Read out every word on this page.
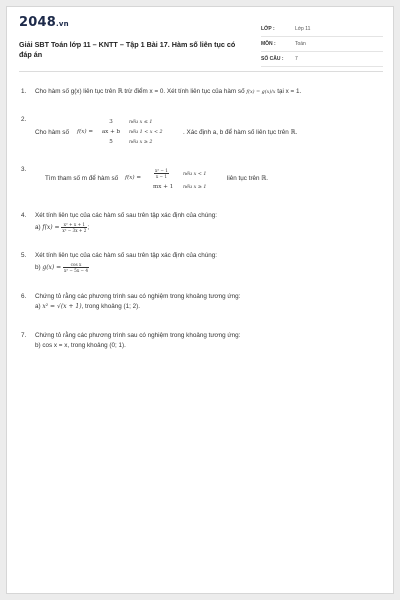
2048.vn
Giải SBT Toán lớp 11 – KNTT – Tập 1 Bài 17. Hàm số liên tục có đáp án
LỚP :	Lớp 11
MÔN :	Toán
SỐ CÂU : 7
1. Cho hàm số g(x) liên tục trên ℝ trừ điểm x = 0. Xét tính liên tục của hàm số f(x) = g(x)/x tại x = 1.
2.
Cho hàm số f(x) =
3	nếu x ≤ 1
ax + b	nếu 1 < x < 2
5	nếu x ≥ 2
. Xác định a, b để hàm số liên tục trên ℝ.
3.
Tìm tham số m để hàm số f(x) =	$\frac{\text{x² − 1}}{x - 1}$	nếu x < 1
mx + 1 nếu x ≥ 1
liên tục trên ℝ.
4. Xét tính liên tục của các hàm số sau trên tập xác định của chúng:
a) $f(x) = \frac{\text{x² + x + 1}}{\text{x² − 3x + 2}}$ ;
5. Xét tính liên tục của các hàm số sau trên tập xác định của chúng:
b) $g(x) = \frac{\text{cos x}}{\text{x² − 5x − 4}}$
6. Chứng tỏ rằng các phương trình sau có nghiệm trong khoảng tương ứng:
a) x² = √(x + 1), trong khoảng (1; 2).
7. Chứng tỏ rằng các phương trình sau có nghiệm trong khoảng tương ứng:
b) cos x = x, trong khoảng (0; 1).
